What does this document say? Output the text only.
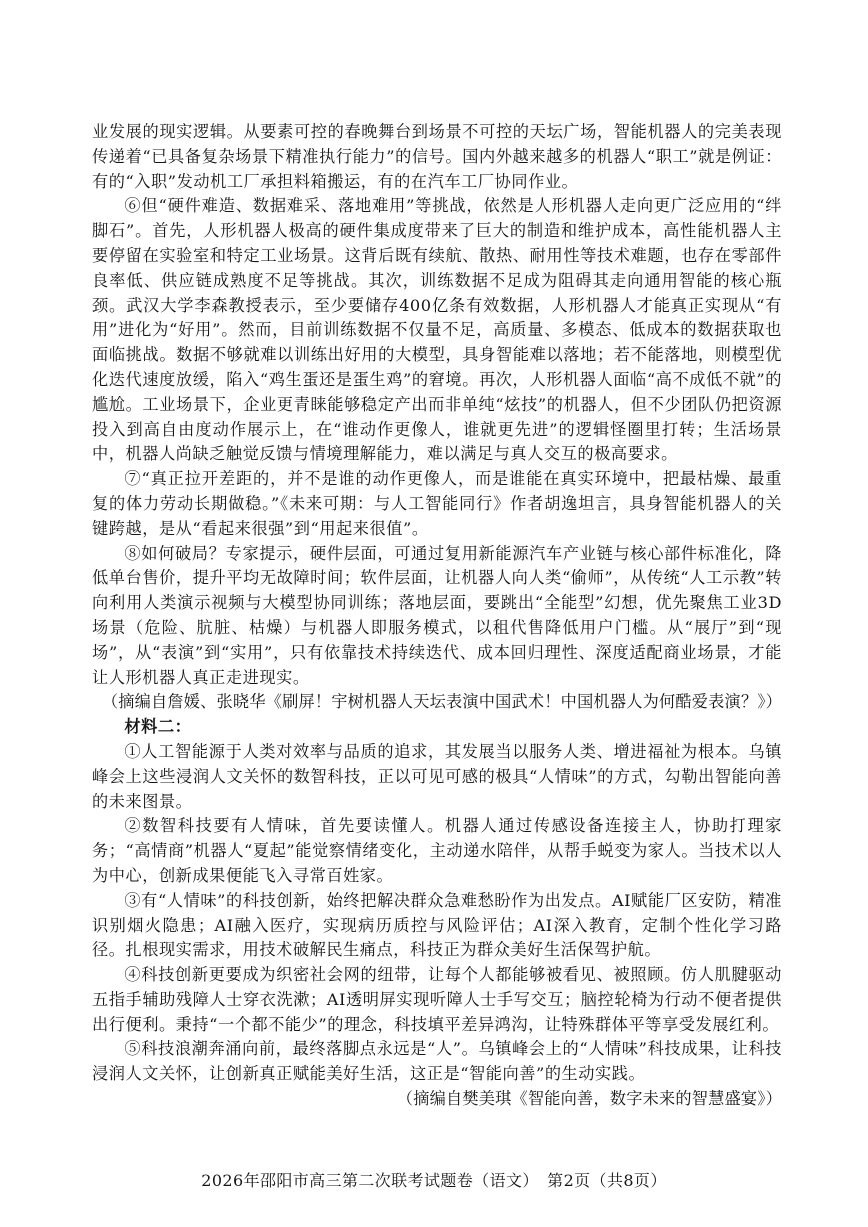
业发展的现实逻辑。从要素可控的春晚舞台到场景不可控的天坛广场，智能机器人的完美表现传递着“已具备复杂场景下精准执行能力”的信号。国内外越来越多的机器人“职工”就是例证：有的“入职”发动机工厂承担料箱搬运，有的在汽车工厂协同作业。

⑥但“硬件难造、数据难采、落地难用”等挑战，依然是人形机器人走向更广泛应用的“绊脚石”。首先，人形机器人极高的硬件集成度带来了巨大的制造和维护成本，高性能机器人主要停留在实验室和特定工业场景。这背后既有续航、散热、耐用性等技术难题，也存在零部件良率低、供应链成熟度不足等挑战。其次，训练数据不足成为阻碍其走向通用智能的核心瓶颈。武汉大学李森教授表示，至少要储存400亿条有效数据，人形机器人才能真正实现从“有用”进化为“好用”。然而，目前训练数据不仅量不足，高质量、多模态、低成本的数据获取也面临挑战。数据不够就难以训练出好用的大模型，具身智能难以落地；若不能落地，则模型优化迭代速度放缓，陷入“鸡生蛋还是蛋生鸡”的窘境。再次，人形机器人面临“高不成低不就”的尴尬。工业场景下，企业更青睐能够稳定产出而非单纯“炫技”的机器人，但不少团队仍把资源投入到高自由度动作展示上，在“谁动作更像人，谁就更先进”的逻辑怪圈里打转；生活场景中，机器人尚缺乏触觉反馈与情境理解能力，难以满足与真人交互的极高要求。

⑦“真正拉开差距的，并不是谁的动作更像人，而是谁能在真实环境中，把最枯燥、最重复的体力劳动长期做稳。”《未来可期：与人工智能同行》作者胡逸坦言，具身智能机器人的关键跨越，是从“看起来很强”到“用起来很值”。

⑧如何破局？专家提示，硬件层面，可通过复用新能源汽车产业链与核心部件标准化，降低单台售价，提升平均无故障时间；软件层面，让机器人向人类“偷师”，从传统“人工示教”转向利用人类演示视频与大模型协同训练；落地层面，要跳出“全能型”幻想，优先聚焦工业3D场景（危险、肮脏、枯燥）与机器人即服务模式，以租代售降低用户门槛。从“展厅”到“现场”，从“表演”到“实用”，只有依靠技术持续迭代、成本回归理性、深度适配商业场景，才能让人形机器人真正走进现实。

（摘编自詹媛、张晓华《刷屏！宇树机器人天坛表演中国武术！中国机器人为何酷爱表演？》）

材料二：

①人工智能源于人类对效率与品质的追求，其发展当以服务人类、增进福祉为根本。乌镇峰会上这些浸润人文关怀的数智科技，正以可见可感的极具“人情味”的方式，勾勒出智能向善的未来图景。

②数智科技要有人情味，首先要读懂人。机器人通过传感设备连接主人，协助打理家务；“高情商”机器人“夏起”能觉察情绪变化，主动递水陪伴，从帮手蜕变为家人。当技术以人为中心，创新成果便能飞入寻常百姓家。

③有“人情味”的科技创新，始终把解决群众急难愁盼作为出发点。AI赋能厂区安防，精准识别烟火隐患；AI融入医疗，实现病历质控与风险评估；AI深入教育，定制个性化学习路径。扎根现实需求，用技术破解民生痛点，科技正为群众美好生活保驾护航。

④科技创新更要成为织密社会网的纽带，让每个人都能够被看见、被照顾。仿人肌腱驱动五指手辅助残障人士穿衣洗漱；AI透明屏实现听障人士手写交互；脑控轮椅为行动不便者提供出行便利。秉持“一个都不能少”的理念，科技填平差异鸿沟，让特殊群体平等享受发展红利。

⑤科技浪潮奔涌向前，最终落脚点永远是“人”。乌镇峰会上的“人情味”科技成果，让科技浸润人文关怀，让创新真正赋能美好生活，这正是“智能向善”的生动实践。

（摘编自樊美琪《智能向善，数字未来的智慧盛宴》）

2026年邵阳市高三第二次联考试题卷（语文）　第2页（共8页）
